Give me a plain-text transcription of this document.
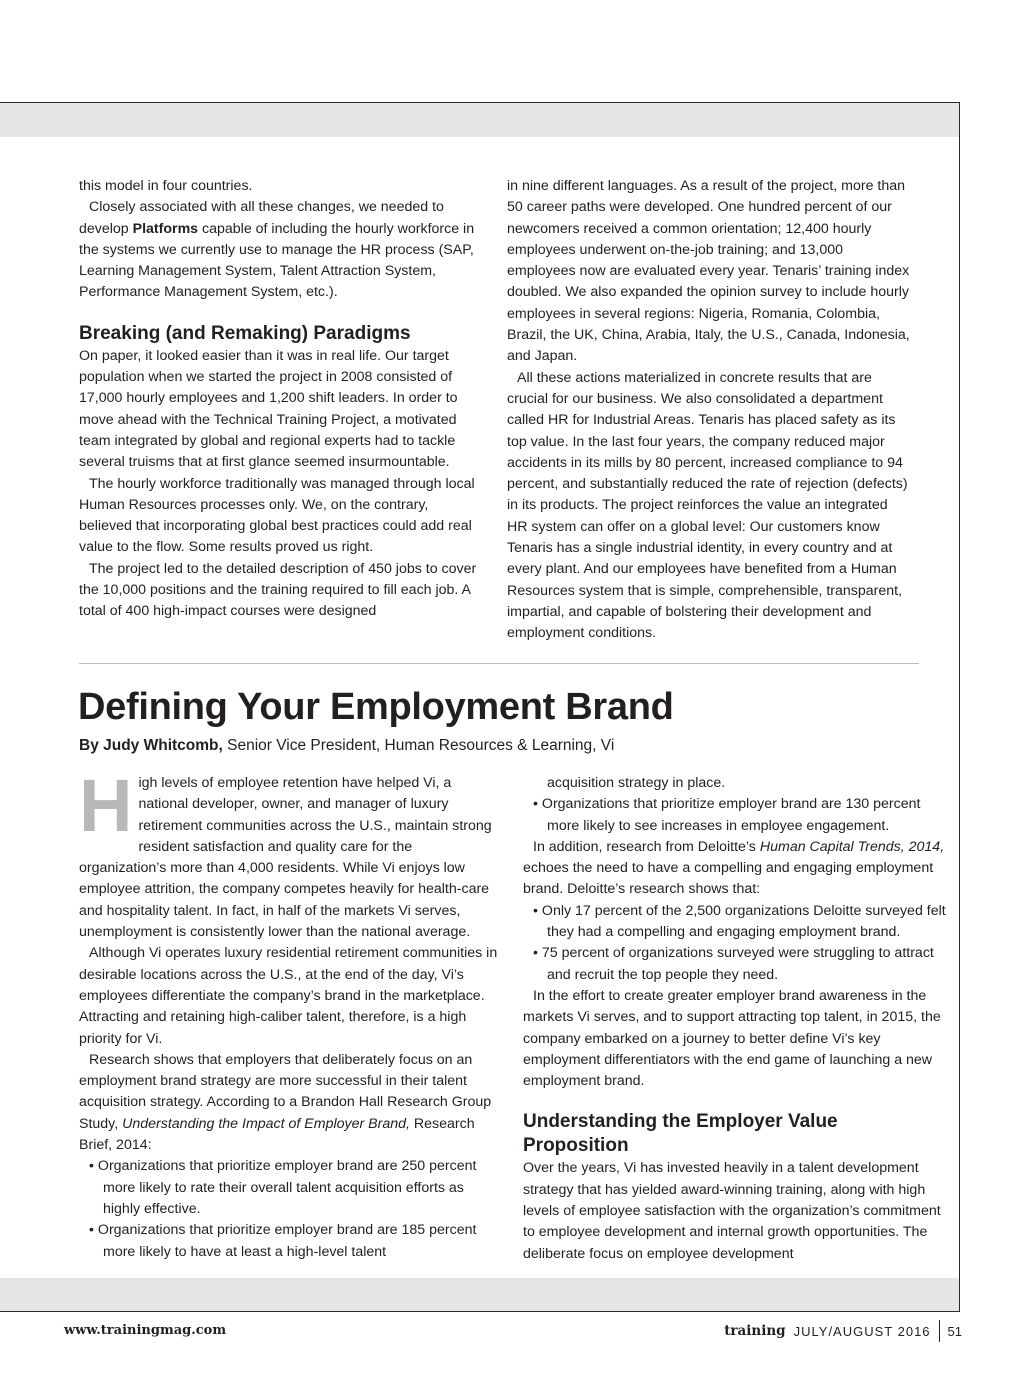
this model in four countries.

Closely associated with all these changes, we needed to develop Platforms capable of including the hourly workforce in the systems we currently use to manage the HR process (SAP, Learning Management System, Talent Attraction System, Performance Management System, etc.).

Breaking (and Remaking) Paradigms

On paper, it looked easier than it was in real life. Our target population when we started the project in 2008 consisted of 17,000 hourly employees and 1,200 shift leaders. In order to move ahead with the Technical Training Project, a motivated team integrated by global and regional experts had to tackle several truisms that at first glance seemed insurmountable.

The hourly workforce traditionally was managed through local Human Resources processes only. We, on the contrary, believed that incorporating global best practices could add real value to the flow. Some results proved us right.

The project led to the detailed description of 450 jobs to cover the 10,000 positions and the training required to fill each job. A total of 400 high-impact courses were designed

in nine different languages. As a result of the project, more than 50 career paths were developed. One hundred percent of our newcomers received a common orientation; 12,400 hourly employees underwent on-the-job training; and 13,000 employees now are evaluated every year. Tenaris’ training index doubled. We also expanded the opinion survey to include hourly employees in several regions: Nigeria, Romania, Colombia, Brazil, the UK, China, Arabia, Italy, the U.S., Canada, Indonesia, and Japan.

All these actions materialized in concrete results that are crucial for our business. We also consolidated a department called HR for Industrial Areas. Tenaris has placed safety as its top value. In the last four years, the company reduced major accidents in its mills by 80 percent, increased compliance to 94 percent, and substantially reduced the rate of rejection (defects) in its products. The project reinforces the value an integrated HR system can offer on a global level: Our customers know Tenaris has a single industrial identity, in every country and at every plant. And our employees have benefited from a Human Resources system that is simple, comprehensible, transparent, impartial, and capable of bolstering their development and employment conditions.

Defining Your Employment Brand
By Judy Whitcomb, Senior Vice President, Human Resources & Learning, Vi

High levels of employee retention have helped Vi, a national developer, owner, and manager of luxury retirement communities across the U.S., maintain strong resident satisfaction and quality care for the organization’s more than 4,000 residents. While Vi enjoys low employee attrition, the company competes heavily for health-care and hospitality talent. In fact, in half of the markets Vi serves, unemployment is consistently lower than the national average.

Although Vi operates luxury residential retirement communities in desirable locations across the U.S., at the end of the day, Vi’s employees differentiate the company’s brand in the marketplace. Attracting and retaining high-caliber talent, therefore, is a high priority for Vi.

Research shows that employers that deliberately focus on an employment brand strategy are more successful in their talent acquisition strategy. According to a Brandon Hall Research Group Study, Understanding the Impact of Employer Brand, Research Brief, 2014:

• Organizations that prioritize employer brand are 250 percent more likely to rate their overall talent acquisition efforts as highly effective.

• Organizations that prioritize employer brand are 185 percent more likely to have at least a high-level talent

acquisition strategy in place.

• Organizations that prioritize employer brand are 130 percent more likely to see increases in employee engagement.

In addition, research from Deloitte’s Human Capital Trends, 2014, echoes the need to have a compelling and engaging employment brand. Deloitte’s research shows that:

• Only 17 percent of the 2,500 organizations Deloitte surveyed felt they had a compelling and engaging employment brand.

• 75 percent of organizations surveyed were struggling to attract and recruit the top people they need.

In the effort to create greater employer brand awareness in the markets Vi serves, and to support attracting top talent, in 2015, the company embarked on a journey to better define Vi’s key employment differentiators with the end game of launching a new employment brand.

Understanding the Employer Value Proposition

Over the years, Vi has invested heavily in a talent development strategy that has yielded award-winning training, along with high levels of employee satisfaction with the organization’s commitment to employee development and internal growth opportunities. The deliberate focus on employee development

www.trainingmag.com	training JULY/AUGUST 2016 51
